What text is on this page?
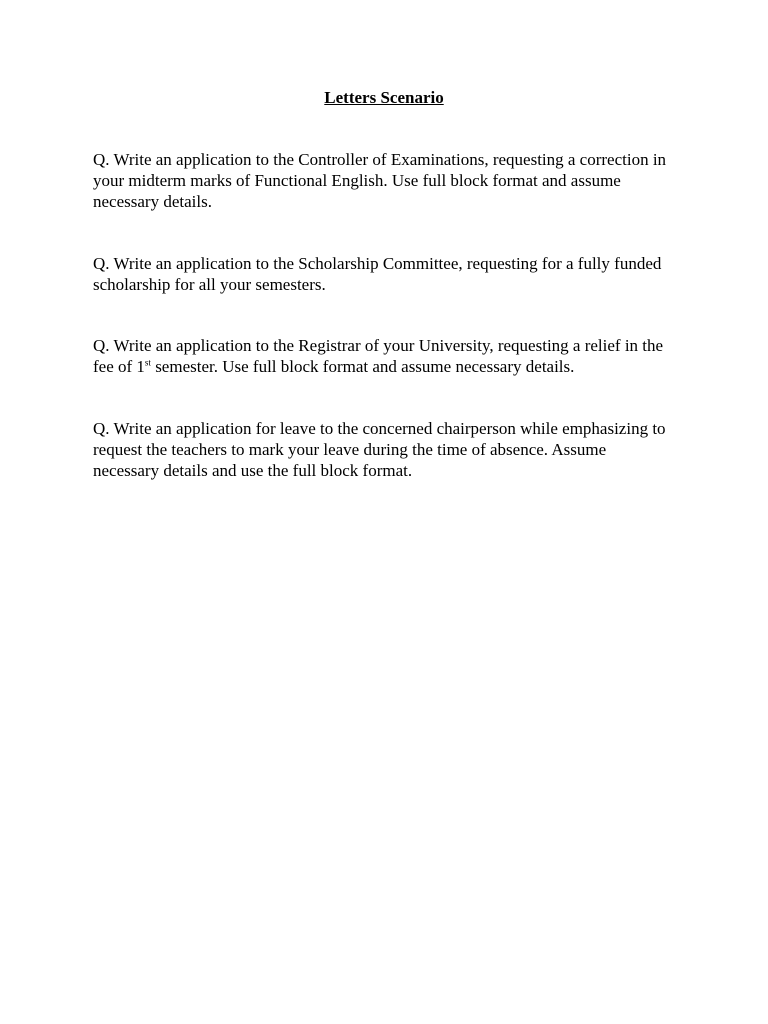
Letters Scenario

Q. Write an application to the Controller of Examinations, requesting a correction in your midterm marks of Functional English. Use full block format and assume necessary details.

Q. Write an application to the Scholarship Committee, requesting for a fully funded scholarship for all your semesters.

Q. Write an application to the Registrar of your University, requesting a relief in the fee of 1st semester. Use full block format and assume necessary details.

Q. Write an application for leave to the concerned chairperson while emphasizing to request the teachers to mark your leave during the time of absence. Assume necessary details and use the full block format.
